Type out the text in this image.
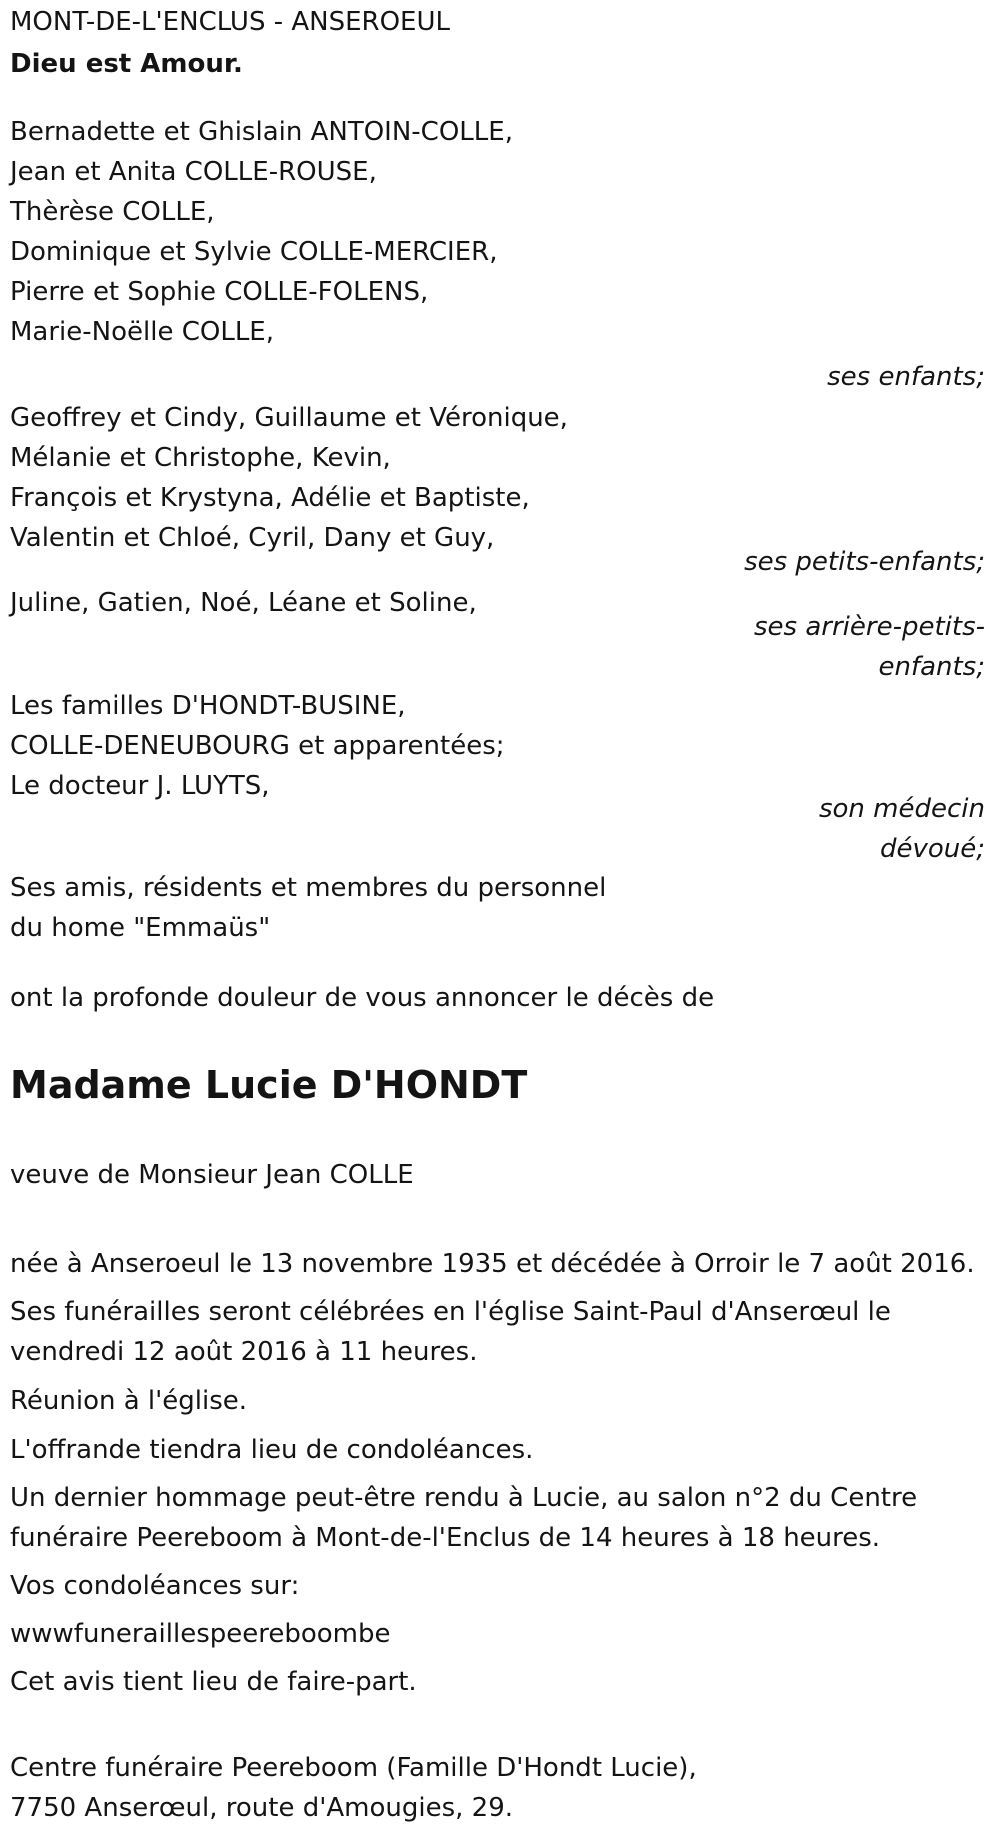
MONT-DE-L'ENCLUS - ANSEROEUL
Dieu est Amour.
Bernadette et Ghislain ANTOIN-COLLE,
Jean et Anita COLLE-ROUSE,
Thèrèse COLLE,
Dominique et Sylvie COLLE-MERCIER,
Pierre et Sophie COLLE-FOLENS,
Marie-Noëlle COLLE,
ses enfants;
Geoffrey et Cindy, Guillaume et Véronique,
Mélanie et Christophe, Kevin,
François et Krystyna, Adélie et Baptiste,
Valentin et Chloé, Cyril, Dany et Guy,
ses petits-enfants;
Juline, Gatien, Noé, Léane et Soline,
ses arrière-petits-
enfants;
Les familles D'HONDT-BUSINE,
COLLE-DENEUBOURG et apparentées;
Le docteur J. LUYTS,
son médecin
dévoué;
Ses amis, résidents et membres du personnel
du home "Emmaüs"
ont la profonde douleur de vous annoncer le décès de
Madame Lucie D'HONDT
veuve de Monsieur Jean COLLE
née à Anseroeul le 13 novembre 1935 et décédée à Orroir le 7 août 2016.
Ses funérailles seront célébrées en l'église Saint-Paul d'Anserœul le
vendredi 12 août 2016 à 11 heures.
Réunion à l'église.
L'offrande tiendra lieu de condoléances.
Un dernier hommage peut-être rendu à Lucie, au salon n°2 du Centre
funéraire Peereboom à Mont-de-l'Enclus de 14 heures à 18 heures.
Vos condoléances sur:
wwwfuneraillespeereboombe
Cet avis tient lieu de faire-part.
Centre funéraire Peereboom (Famille D'Hondt Lucie),
7750 Anserœul, route d'Amougies, 29.
